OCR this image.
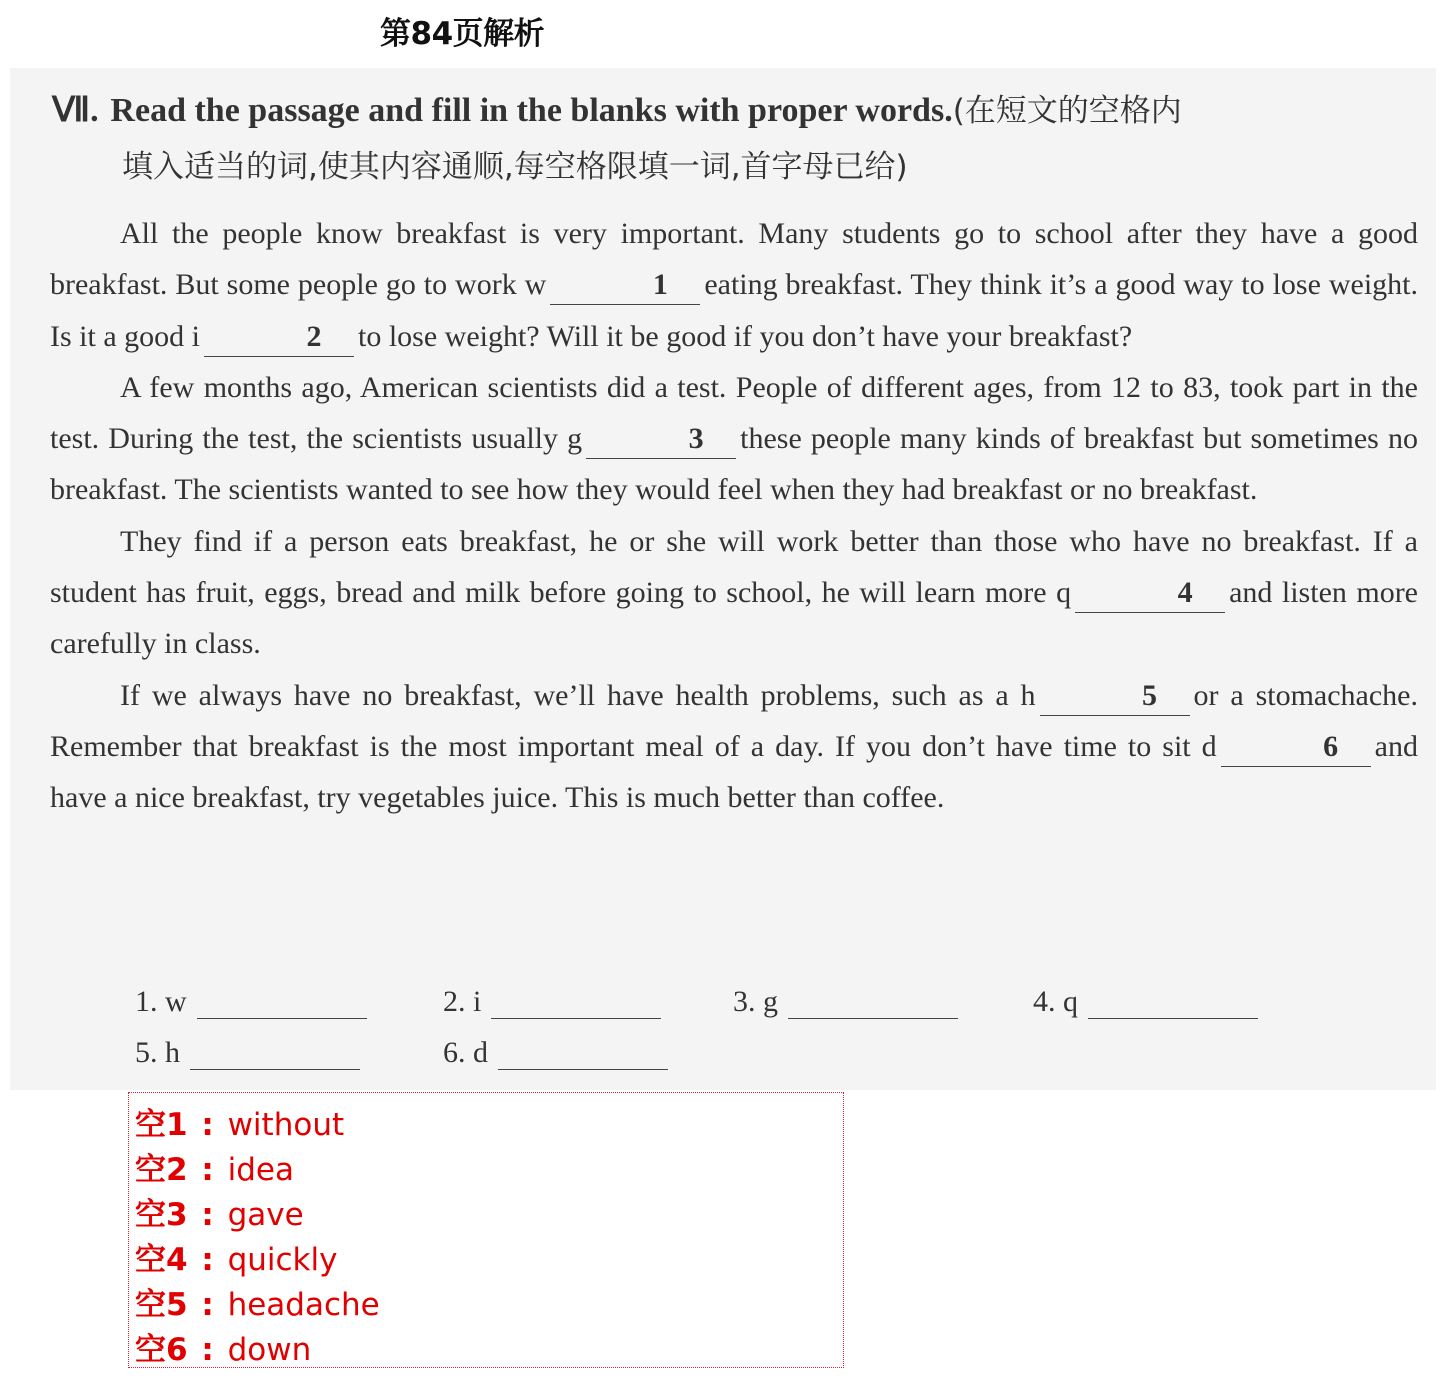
第84页解析
Ⅶ. Read the passage and fill in the blanks with proper words.(在短文的空格内
填入适当的词,使其内容通顺,每空格限填一词,首字母已给)

All the people know breakfast is very important. Many students go to school after they have a good breakfast. But some people go to work w	1 eating breakfast. They think it’s a good way to lose weight. Is it a good i	2 to lose weight? Will it be good if you don’t have your breakfast?

A few months ago, American scientists did a test. People of different ages, from 12 to 83, took part in the test. During the test, the scientists usually g	3 these people many kinds of breakfast but sometimes no breakfast. The scientists wanted to see how they would feel when they had breakfast or no breakfast.

They find if a person eats breakfast, he or she will work better than those who have no breakfast. If a student has fruit, eggs, bread and milk before going to school, he will learn more q	4 and listen more carefully in class.

If we always have no breakfast, we’ll have health problems, such as a h	5 or a stomachache. Remember that breakfast is the most important meal of a day. If you don’t have time to sit d	6 and have a nice breakfast, try vegetables juice. This is much better than coffee.

1. w	2. i	3. g	4. q
5. h	6. d
空1 : without
空2 : idea
空3 : gave
空4 : quickly
空5 : headache
空6 : down
